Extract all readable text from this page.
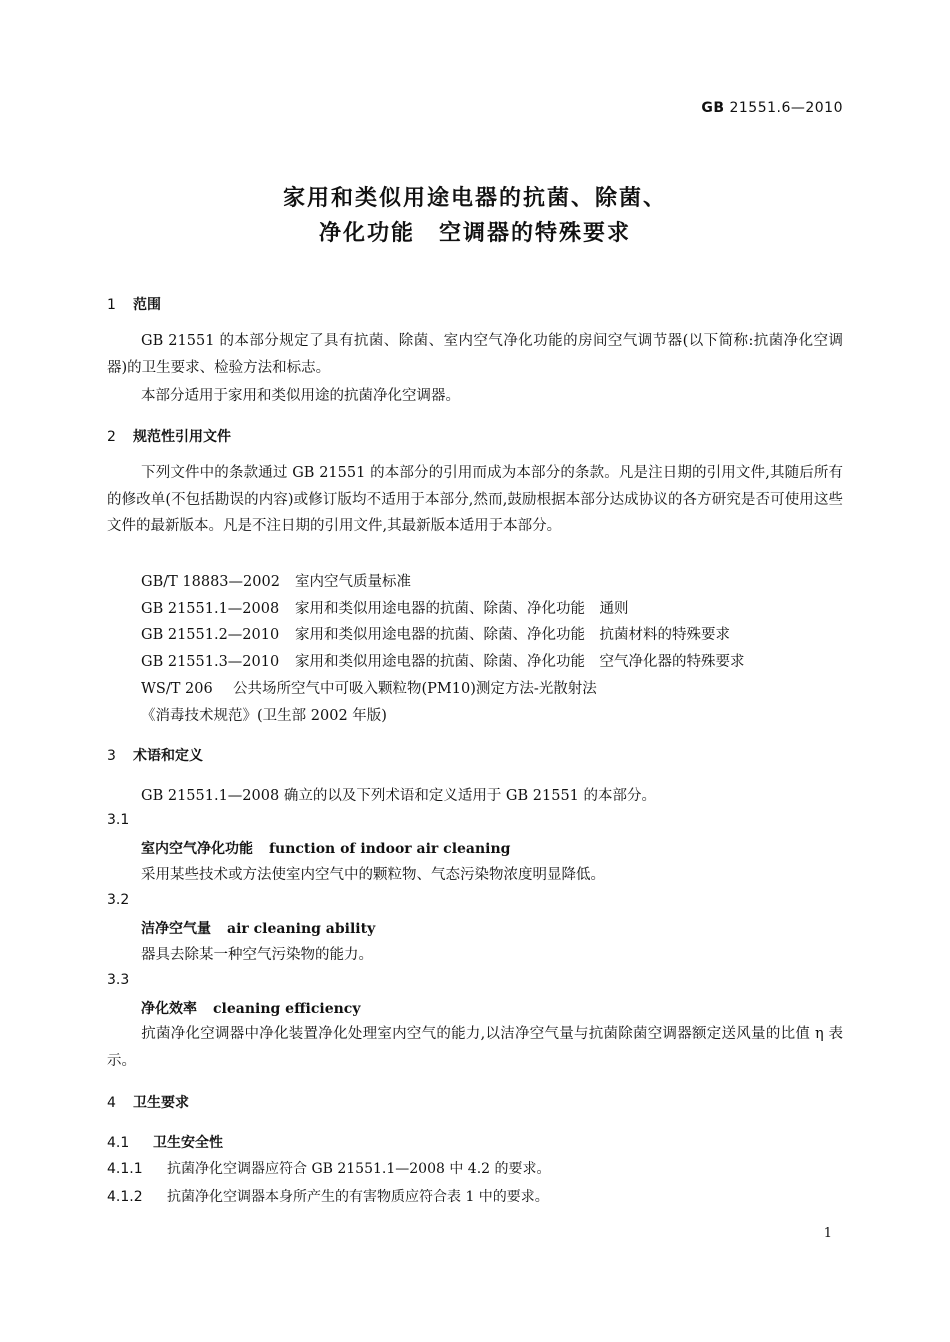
GB 21551.6—2010
家用和类似用途电器的抗菌、除菌、
净化功能　空调器的特殊要求
1 范围
GB 21551 的本部分规定了具有抗菌、除菌、室内空气净化功能的房间空气调节器(以下简称:抗菌净化空调器)的卫生要求、检验方法和标志。
本部分适用于家用和类似用途的抗菌净化空调器。
2 规范性引用文件
下列文件中的条款通过 GB 21551 的本部分的引用而成为本部分的条款。凡是注日期的引用文件,其随后所有的修改单(不包括勘误的内容)或修订版均不适用于本部分,然而,鼓励根据本部分达成协议的各方研究是否可使用这些文件的最新版本。凡是不注日期的引用文件,其最新版本适用于本部分。
GB/T 18883—2002 室内空气质量标准
GB 21551.1—2008 家用和类似用途电器的抗菌、除菌、净化功能　通则
GB 21551.2—2010 家用和类似用途电器的抗菌、除菌、净化功能　抗菌材料的特殊要求
GB 21551.3—2010 家用和类似用途电器的抗菌、除菌、净化功能　空气净化器的特殊要求
WS/T 206 公共场所空气中可吸入颗粒物(PM10)测定方法-光散射法
《消毒技术规范》(卫生部 2002 年版)
3 术语和定义
GB 21551.1—2008 确立的以及下列术语和定义适用于 GB 21551 的本部分。
3.1
室内空气净化功能 function of indoor air cleaning
采用某些技术或方法使室内空气中的颗粒物、气态污染物浓度明显降低。
3.2
洁净空气量 air cleaning ability
器具去除某一种空气污染物的能力。
3.3
净化效率 cleaning efficiency
抗菌净化空调器中净化装置净化处理室内空气的能力,以洁净空气量与抗菌除菌空调器额定送风量的比值 η 表示。
4 卫生要求
4.1 卫生安全性
4.1.1 抗菌净化空调器应符合 GB 21551.1—2008 中 4.2 的要求。
4.1.2 抗菌净化空调器本身所产生的有害物质应符合表 1 中的要求。
1
